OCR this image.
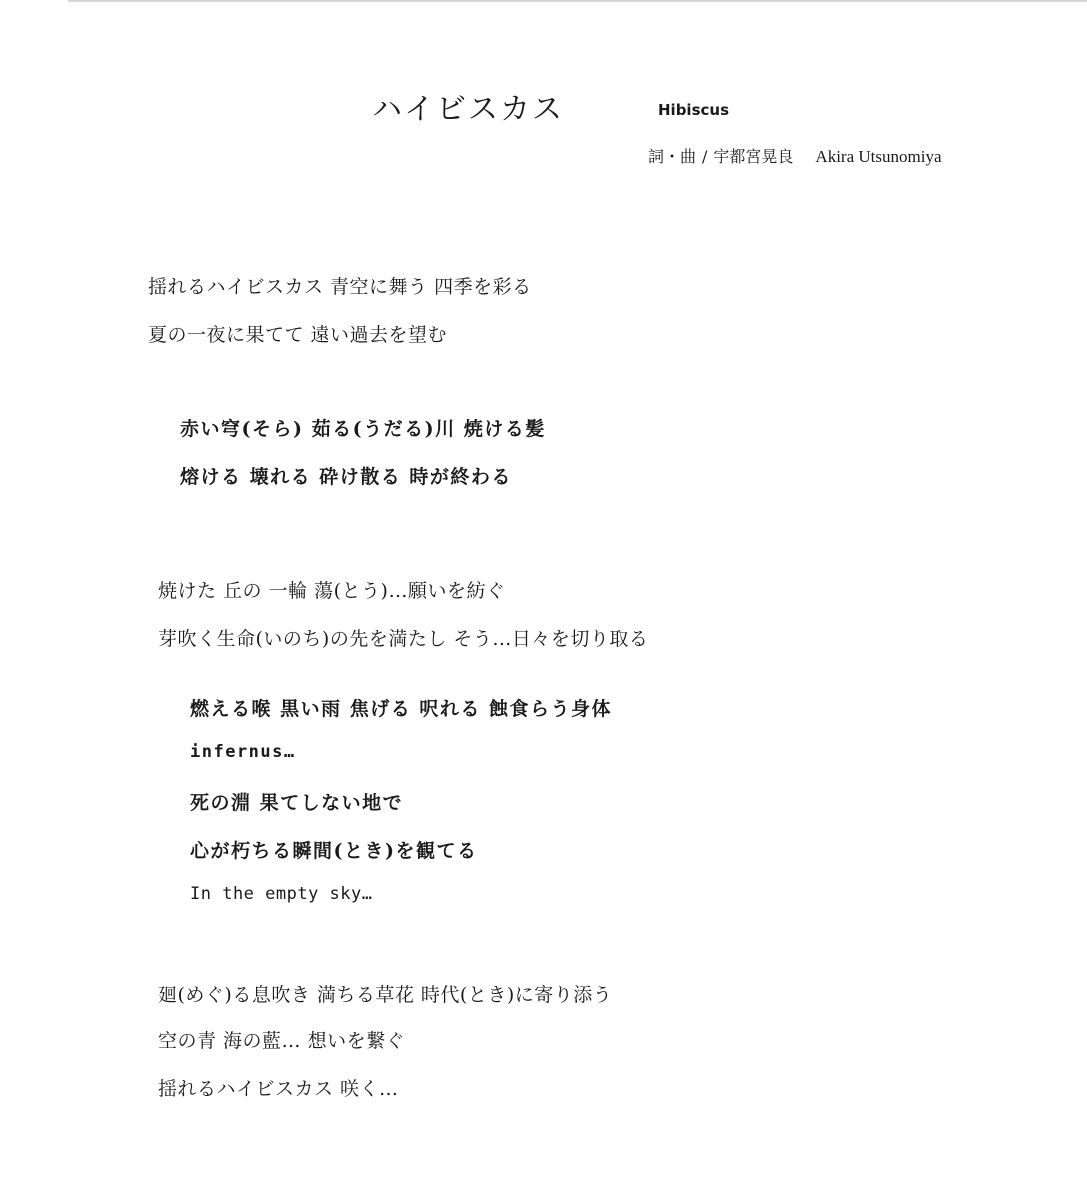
ハイビスカス	Hibiscus
詞・曲 / 宇都宮晃良 Akira Utsunomiya
揺れるハイビスカス 青空に舞う 四季を彩る
夏の一夜に果てて 遠い過去を望む
赤い穹(そら) 茹る(うだる)川 焼ける髪
熔ける 壊れる 砕け散る 時が終わる
焼けた 丘の 一輪 蕩(とう)…願いを紡ぐ
芽吹く生命(いのち)の先を満たし そう…日々を切り取る
燃える喉 黒い雨 焦げる 呎れる 蝕食らう身体
infernus…
死の淵 果てしない地で
心が朽ちる瞬間(とき)を観てる
In the empty sky…
廻(めぐ)る息吹き 満ちる草花 時代(とき)に寄り添う
空の青 海の藍… 想いを繋ぐ
揺れるハイビスカス 咲く…
